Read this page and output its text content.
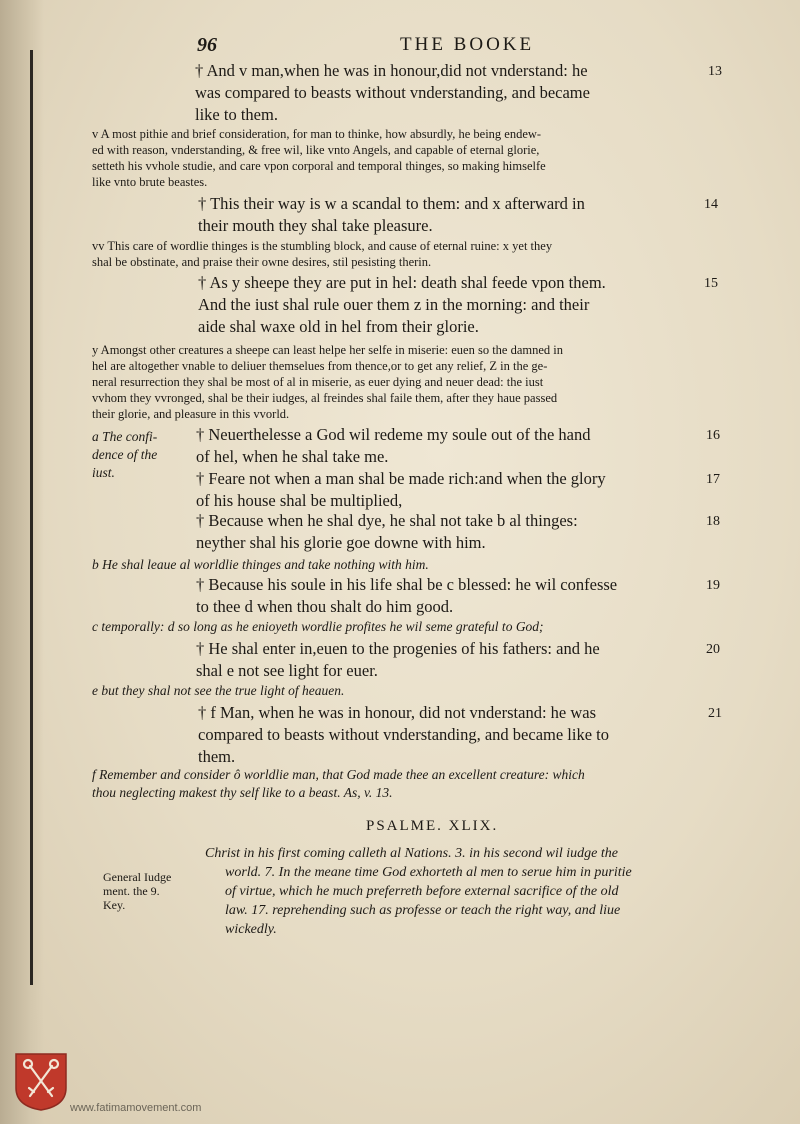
96	THE BOOKE
† And v man,when he was in honour,did not vnderstand: he
was compared to beasts without vnderstanding, and became
like to them.
13
v A most pithie and brief consideration, for man to thinke, how absurdly, he being endew-
ed with reason, vnderstanding, & free wil, like vnto Angels, and capable of eternal glorie,
setteth his vvhole studie, and care vpon corporal and temporal thinges, so making himselfe
like vnto brute beastes.
† This their way is w a scandal to them: and x afterward in
their mouth they shal take pleasure.
14
vv This care of wordlie thinges is the stumbling block, and cause of eternal ruine: x yet they
shal be obstinate, and praise their owne desires, stil pesisting therin.
† As y sheepe they are put in hel: death shal feede vpon them.
And the iust shal rule ouer them z in the morning: and their
aide shal waxe old in hel from their glorie.
15
y Amongst other creatures a sheepe can least helpe her selfe in miserie: euen so the damned in
hel are altogether vnable to deliuer themselues from thence,or to get any relief, Z in the ge-
neral resurrection they shal be most of al in miserie, as euer dying and neuer dead: the iust
vvhom they vvronged, shal be their iudges, al freindes shal faile them, after they haue passed
their glorie, and pleasure in this vvorld.
a The confi-
dence of the
iust.
† Neuerthelesse a God wil redeme my soule out of the hand
of hel, when he shal take me.
16
† Feare not when a man shal be made rich:and when the glory
of his house shal be multiplied,
17
† Because when he shal dye, he shal not take b al thinges:
neyther shal his glorie goe downe with him.
18
b He shal leaue al worldlie thinges and take nothing with him.
† Because his soule in his life shal be c blessed: he wil confesse
to thee d when thou shalt do him good.
19
c temporally: d so long as he enioyeth wordlie profites he wil seme grateful to God;
† He shal enter in,euen to the progenies of his fathers: and he
shal e not see light for euer.
20
e but they shal not see the true light of heauen.
† f Man, when he was in honour, did not vnderstand: he was
compared to beasts without vnderstanding, and became like to
them.
21
f Remember and consider ô worldlie man, that God made thee an excellent creature: which
thou neglecting makest thy self like to a beast. As, v. 13.
PSALME. XLIX.
General Iudge
ment. the 9.
Key.
Christ in his first coming calleth al Nations. 3. in his second wil iudge the
world. 7. In the meane time God exhorteth al men to serue him in puritie
of virtue, which he much preferreth before external sacrifice of the old
law. 17. reprehending such as professe or teach the right way, and liue
wickedly.
www.fatimamovement.com
